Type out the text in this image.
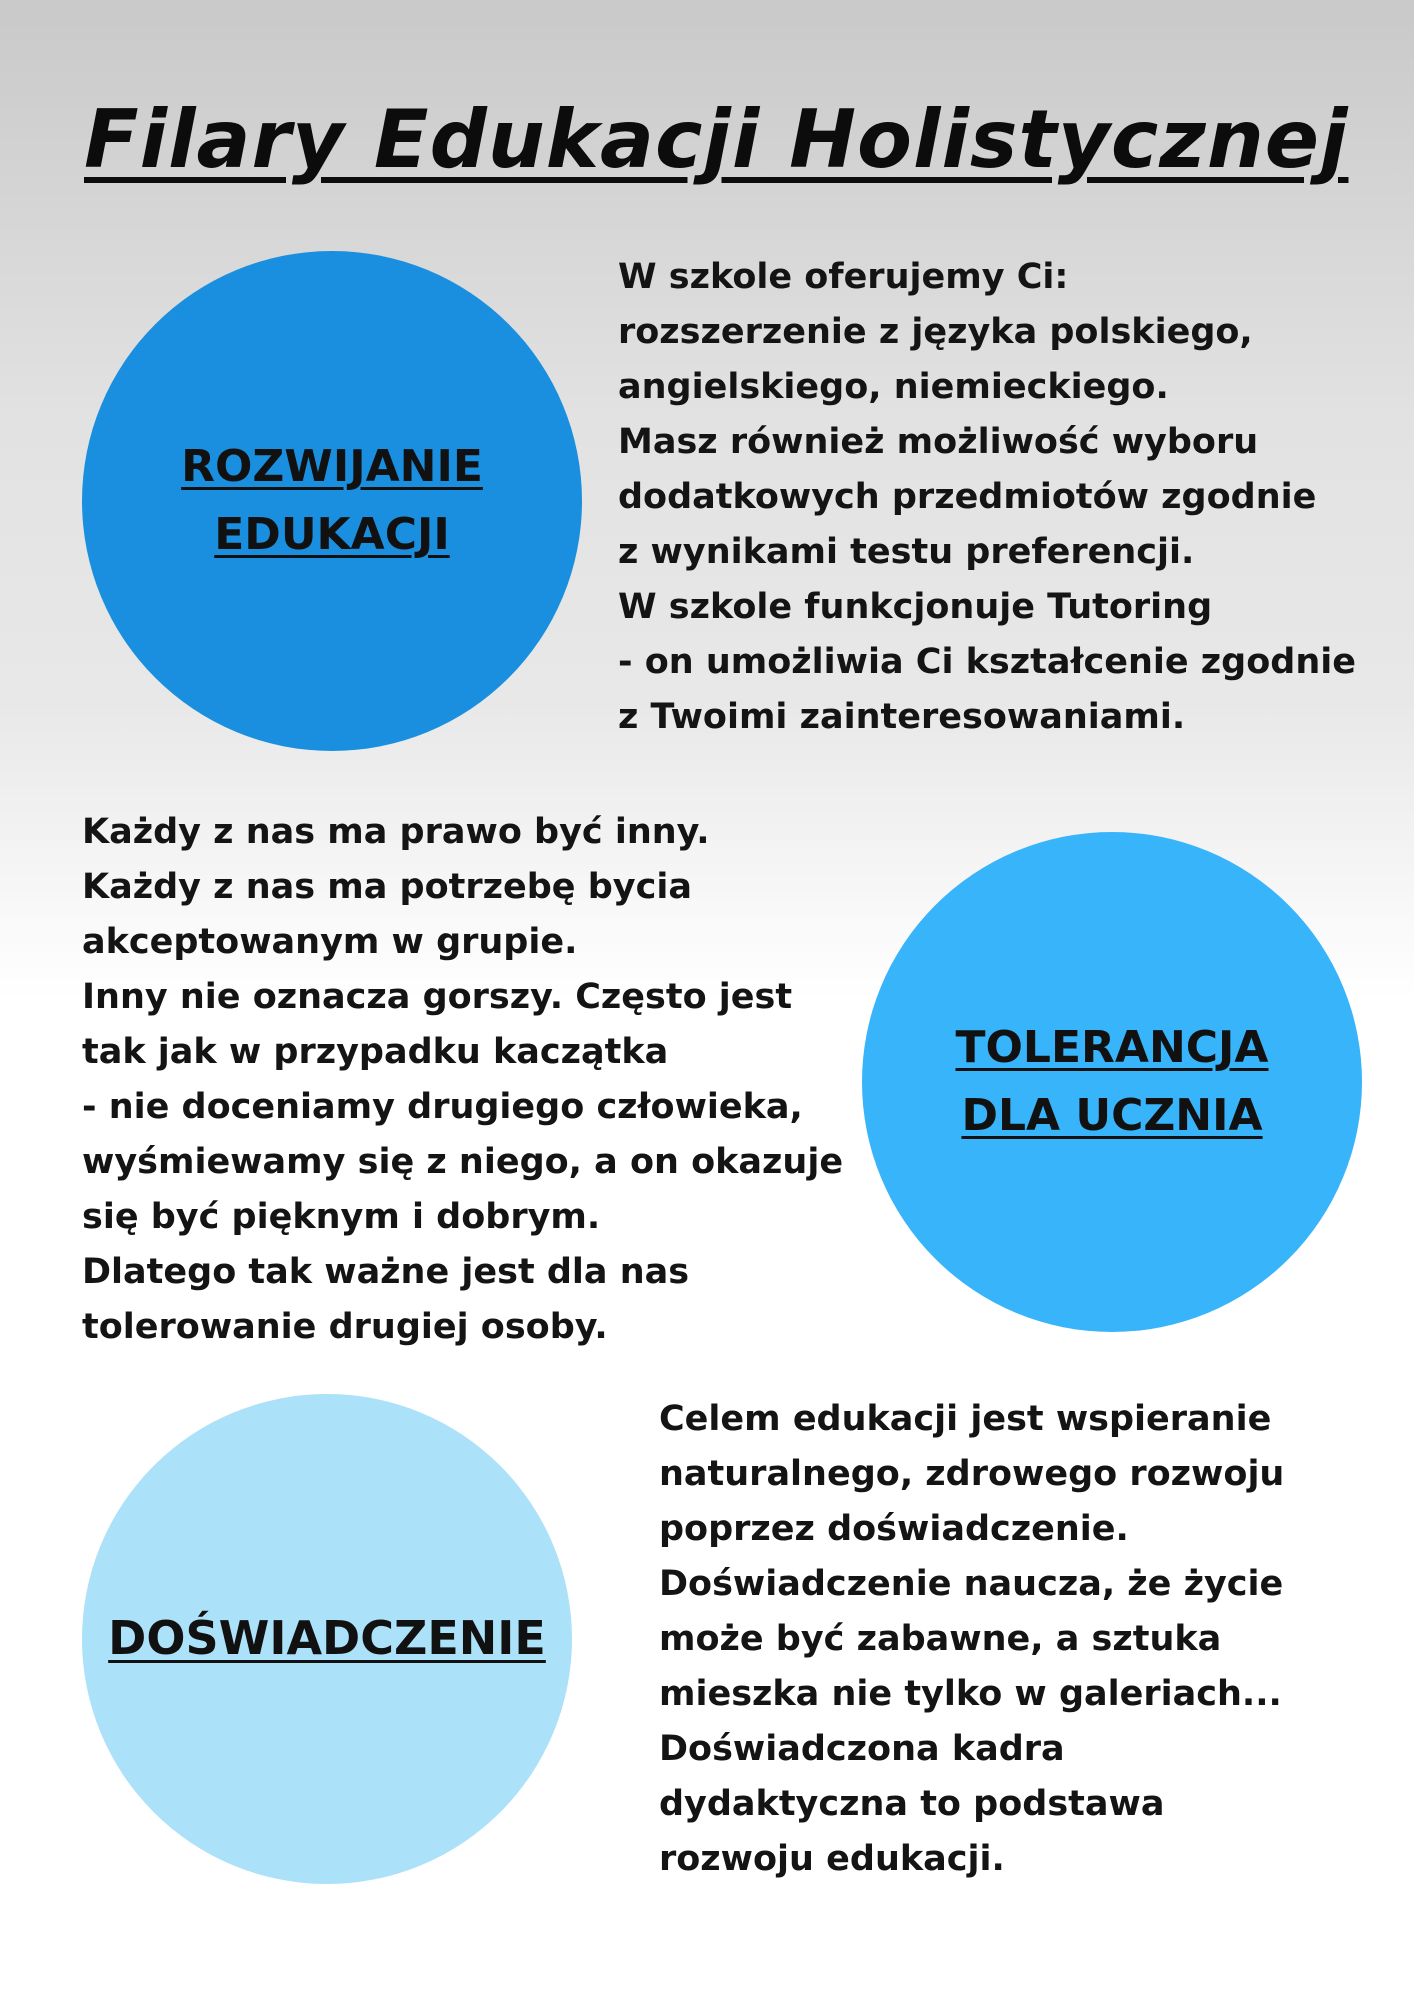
Filary Edukacji Holistycznej
ROZWIJANIE
EDUKACJI

W szkole oferujemy Ci:
rozszerzenie z języka polskiego,
angielskiego, niemieckiego.
Masz również możliwość wyboru
dodatkowych przedmiotów zgodnie
z wynikami testu preferencji.
W szkole funkcjonuje Tutoring
- on umożliwia Ci kształcenie zgodnie
z Twoimi zainteresowaniami.

Każdy z nas ma prawo być inny.
Każdy z nas ma potrzebę bycia
akceptowanym w grupie.
Inny nie oznacza gorszy. Często jest
tak jak w przypadku kaczątka
- nie doceniamy drugiego człowieka,
wyśmiewamy się z niego, a on okazuje
się być pięknym i dobrym.
Dlatego tak ważne jest dla nas
tolerowanie drugiej osoby.

TOLERANCJA
DLA UCZNIA
DOŚWIADCZENIE

Celem edukacji jest wspieranie
naturalnego, zdrowego rozwoju
poprzez doświadczenie.
Doświadczenie naucza, że życie
może być zabawne, a sztuka
mieszka nie tylko w galeriach...
Doświadczona kadra
dydaktyczna to podstawa
rozwoju edukacji.
